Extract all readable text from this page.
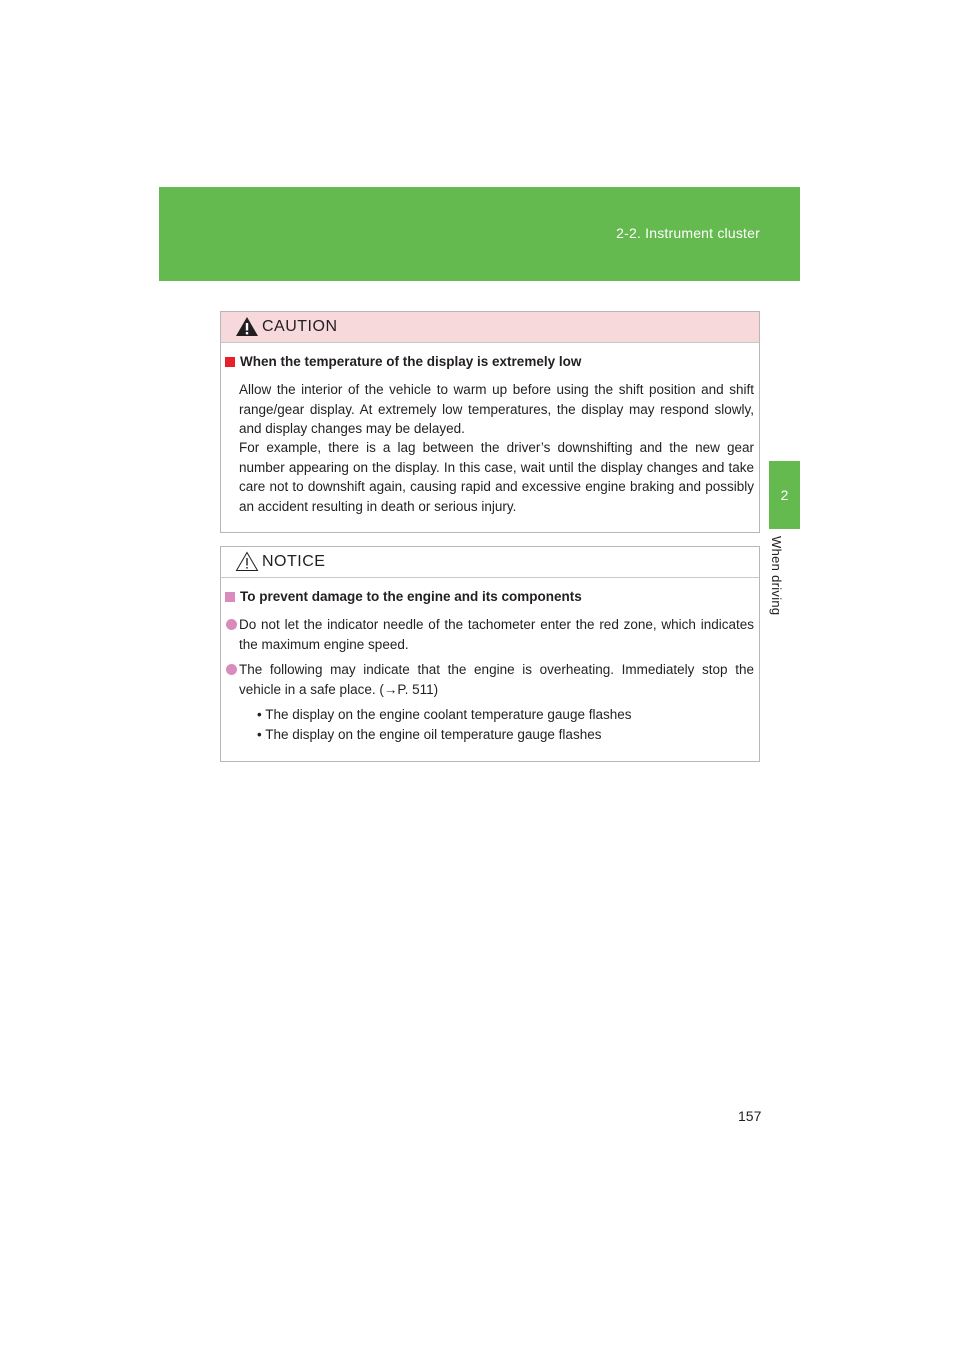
2-2. Instrument cluster
2
When driving
CAUTION
When the temperature of the display is extremely low
Allow the interior of the vehicle to warm up before using the shift position and shift range/gear display. At extremely low temperatures, the display may respond slowly, and display changes may be delayed.
For example, there is a lag between the driver’s downshifting and the new gear number appearing on the display. In this case, wait until the display changes and take care not to downshift again, causing rapid and excessive engine braking and possibly an accident resulting in death or serious injury.
NOTICE
To prevent damage to the engine and its components
Do not let the indicator needle of the tachometer enter the red zone, which indicates the maximum engine speed.
The following may indicate that the engine is overheating. Immediately stop the vehicle in a safe place. (→P. 511)
• The display on the engine coolant temperature gauge flashes
• The display on the engine oil temperature gauge flashes
157
